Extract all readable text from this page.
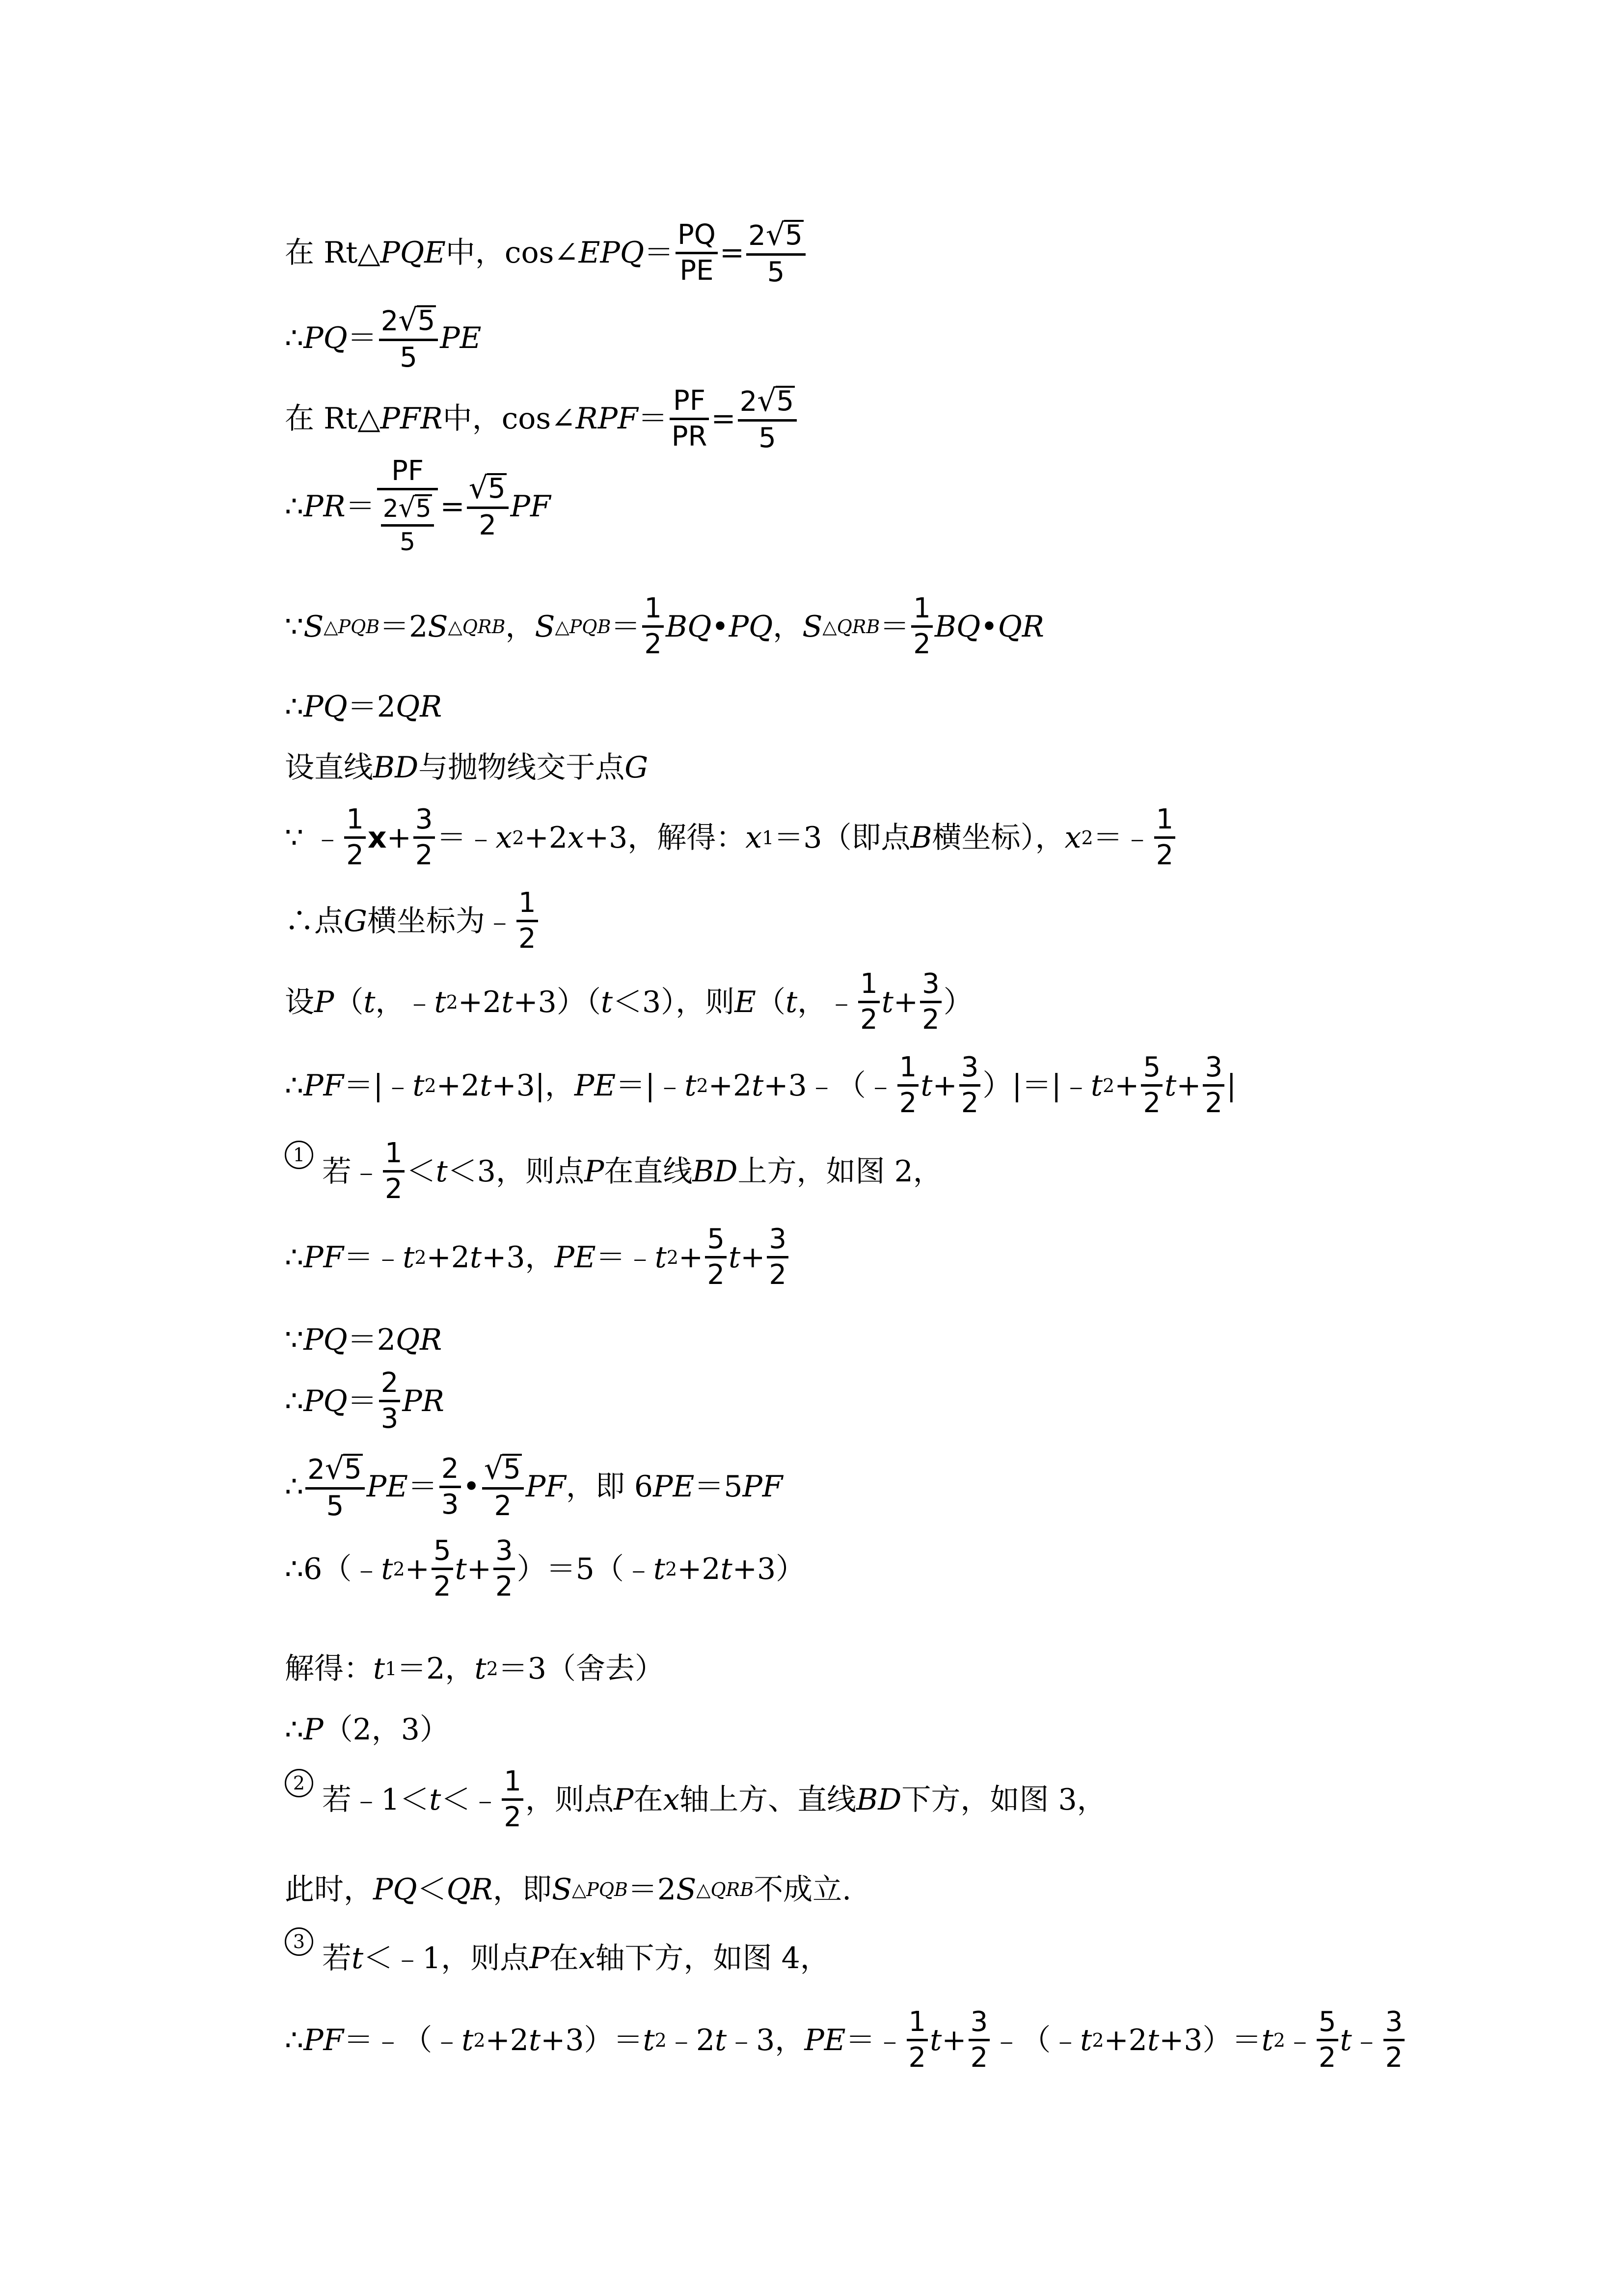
在 Rt △ PQE 中，cos∠ EPQ ＝
PQ
PE
= 2 √ 5
5
∴ PQ ＝ 2 √ 5
5
PE
在 Rt △ PFR 中，cos∠ RPF ＝
PF
PR
= 2 √ 5
5
∴ PR ＝
PF
2 √ 5
5
=
√ 5
2
PF
∵ S △PQB ＝2 S △QRB ， S △PQB ＝
1
2
BQ•PQ ， S △QRB ＝
1
2
BQ•QR
∴ PQ ＝2 QR
设直线 BD 与抛物线交于点 G
∵ ﹣
1
2
x +
3
2
＝﹣ x 2 +2 x +3，解得： x 1 ＝3（即点 B 横坐标）， x 2 ＝﹣
1
2
∴点 G 横坐标为﹣
1
2
设 P （ t ，﹣ t 2 +2 t +3）（ t ＜3），则 E （ t ，﹣
1
2
t +
3
2
）
∴ PF ＝|﹣ t 2 +2 t +3|， PE ＝|﹣ t 2 +2 t +3﹣（﹣
1
2
t +
3
2
）|＝|﹣ t 2 +
5
2
t +
3
2
|
1 若﹣
1
2
＜ t ＜3，则点 P 在直线 BD 上方，如图 2，
∴ PF ＝﹣ t 2 +2 t +3， PE ＝﹣ t 2 +
5
2
t +
3
2
∵ PQ ＝2 QR
∴ PQ ＝
2
3
PR
∴ 2 √ 5
5
PE ＝
2
3
•
√ 5
2
PF ，即 6 PE ＝5 PF
∴6（﹣ t 2 +
5
2
t +
3
2
）＝5（﹣ t 2 +2 t +3）
解得： t 1 ＝2， t 2 ＝3（舍去）
∴ P （2，3）
2 若﹣1＜ t ＜﹣
1
2
，则点 P 在 x 轴上方、直线 BD 下方，如图 3，
此时， PQ ＜ QR ，即 S △PQB ＝2 S △QRB 不成立.
3 若 t ＜﹣1，则点 P 在 x 轴下方，如图 4，
∴ PF ＝﹣（﹣ t 2 +2 t +3）＝ t 2 ﹣2 t ﹣3， PE ＝﹣
1
2
t +
3
2
﹣（﹣ t 2 +2 t +3）＝ t 2 ﹣
5
2
t ﹣
3
2
